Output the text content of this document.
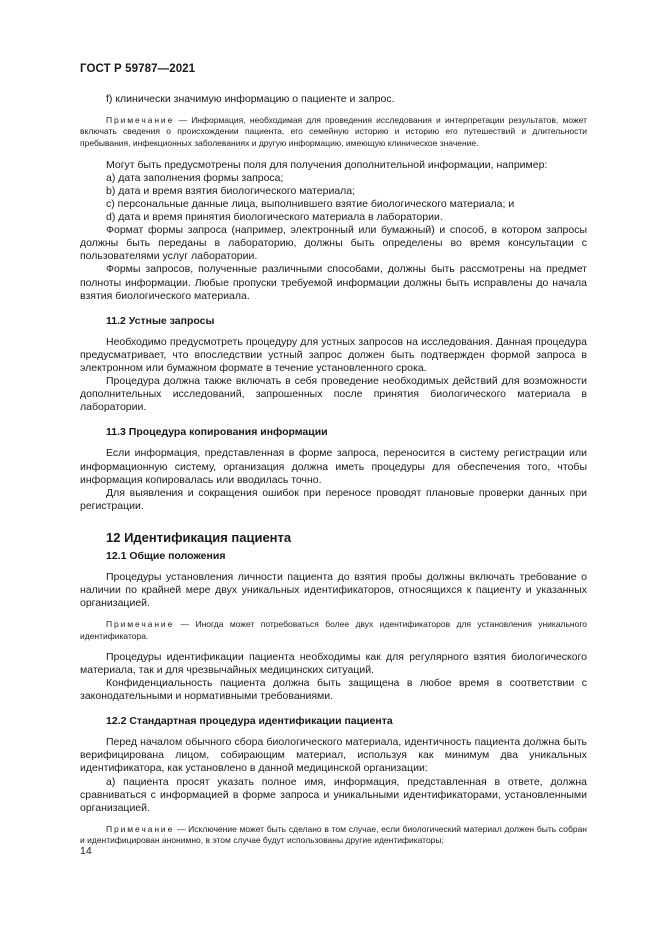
ГОСТ Р 59787—2021

f) клинически значимую информацию о пациенте и запрос.

Примечание — Информация, необходимая для проведения исследования и интерпретации результатов, может включать сведения о происхождении пациента, его семейную историю и историю его путешествий и длительности пребывания, инфекционных заболеваниях и другую информацию, имеющую клиническое значение.

Могут быть предусмотрены поля для получения дополнительной информации, например:

a) дата заполнения формы запроса;

b) дата и время взятия биологического материала;

c) персональные данные лица, выполнившего взятие биологического материала; и

d) дата и время принятия биологического материала в лаборатории.

Формат формы запроса (например, электронный или бумажный) и способ, в котором запросы должны быть переданы в лабораторию, должны быть определены во время консультации с пользователями услуг лаборатории.

Формы запросов, полученные различными способами, должны быть рассмотрены на предмет полноты информации. Любые пропуски требуемой информации должны быть исправлены до начала взятия биологического материала.

11.2 Устные запросы

Необходимо предусмотреть процедуру для устных запросов на исследования. Данная процедура предусматривает, что впоследствии устный запрос должен быть подтвержден формой запроса в электронном или бумажном формате в течение установленного срока.

Процедура должна также включать в себя проведение необходимых действий для возможности дополнительных исследований, запрошенных после принятия биологического материала в лаборатории.

11.3 Процедура копирования информации

Если информация, представленная в форме запроса, переносится в систему регистрации или информационную систему, организация должна иметь процедуры для обеспечения того, чтобы информация копировалась или вводилась точно.

Для выявления и сокращения ошибок при переносе проводят плановые проверки данных при регистрации.

12 Идентификация пациента

12.1 Общие положения

Процедуры установления личности пациента до взятия пробы должны включать требование о наличии по крайней мере двух уникальных идентификаторов, относящихся к пациенту и указанных организацией.

Примечание — Иногда может потребоваться более двух идентификаторов для установления уникального идентификатора.

Процедуры идентификации пациента необходимы как для регулярного взятия биологического материала, так и для чрезвычайных медицинских ситуаций.

Конфиденциальность пациента должна быть защищена в любое время в соответствии с законодательными и нормативными требованиями.

12.2 Стандартная процедура идентификации пациента

Перед началом обычного сбора биологического материала, идентичность пациента должна быть верифицирована лицом, собирающим материал, используя как минимум два уникальных идентификатора, как установлено в данной медицинской организации:

a) пациента просят указать полное имя, информация, представленная в ответе, должна сравниваться с информацией в форме запроса и уникальными идентификаторами, установленными организацией.

Примечание — Исключение может быть сделано в том случае, если биологический материал должен быть собран и идентифицирован анонимно, в этом случае будут использованы другие идентификаторы;

14
